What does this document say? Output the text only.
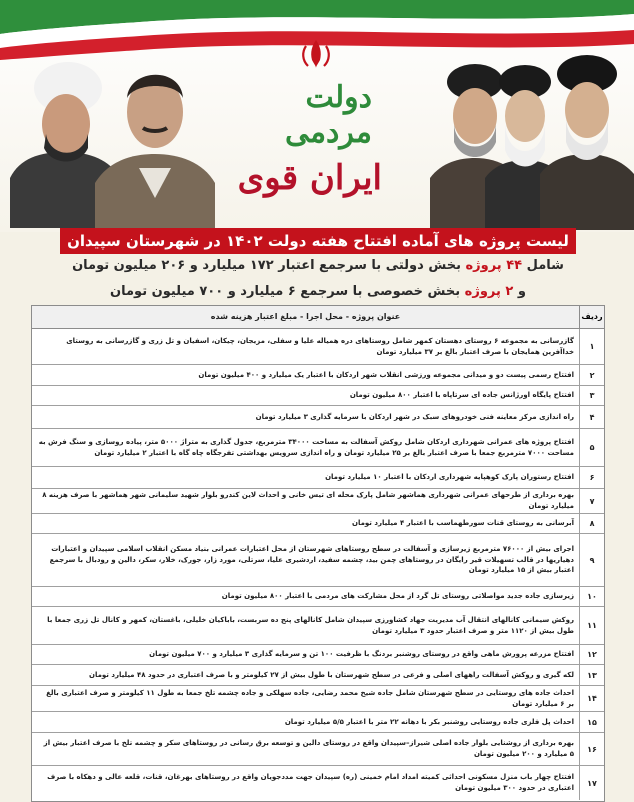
دولت مردمی
ایران قوی
لیست پروژه های آماده افتتاح هفته دولت ۱۴۰۲ در شهرستان سپیدان
شامل ۴۴ پروژه بخش دولتی با سرجمع اعتبار ۱۷۲ میلیارد و ۲۰۶ میلیون تومان
و ۲ پروژه بخش خصوصی با سرجمع ۶ میلیارد و ۷۰۰ میلیون تومان
ردیف
عنوان پروژه - محل اجرا - مبلغ اعتبار هزینه شده
۱
گازرسانی به مجموعه ۶ روستای دهستان کمهر شامل روستاهای دره همیاله علیا و سفلی، مزیجان، چیکان، اسفیان و تل زری و گازرسانی به روستای خداآفرین همایجان با صرف اعتبار بالغ بر ۳۷ میلیارد تومان
۲
افتتاح رسمی پیست دو و میدانی مجموعه ورزشی انقلاب شهر اردکان با اعتبار یک میلیارد و ۴۰۰ میلیون تومان
۳
افتتاح پایگاه اورژانس جاده ای سرتاپاه با اعتبار ۸۰۰ میلیون تومان
۴
راه اندازی مرکز معاینه فنی خودروهای سبک در شهر اردکان با سرمایه گذاری ۳ میلیارد تومان
۵
افتتاح پروژه های عمرانی شهرداری اردکان شامل روکش آسفالت به مساحت ۳۴۰۰۰ مترمربع، جدول گذاری به متراژ ۵۰۰۰ متر، پیاده روسازی و سنگ فرش به مساحت ۷۰۰۰ مترمربع جمعا با صرف اعتبار بالغ بر ۲۵ میلیارد تومان و راه اندازی سرویس بهداشتی تفرجگاه چاه گاه با اعتبار ۲ میلیارد تومان
۶
افتتاح رستوران پارک کوهپایه شهرداری اردکان با اعتبار ۱۰ میلیارد تومان
۷
بهره برداری از طرحهای عمرانی شهرداری هماشهر شامل پارک محله ای تیس خانی و احداث لاین کندرو بلوار شهید سلیمانی شهر هماشهر با صرف هزینه ۸ میلیارد تومان
۸
آبرسانی به روستای قنات سورطهماسب با اعتبار ۴ میلیارد تومان
۹
اجرای بیش از ۷۶۰۰۰ مترمربع زیرسازی و آسفالت در سطح روستاهای شهرستان از محل اعتبارات عمرانی بنیاد مسکن انقلاب اسلامی سپیدان و اعتبارات دهیاریها در قالب تسهیلات قیر رایگان در روستاهای چمن بید، چشمه سفید، اردشیری علیا، سرتلی، مورد زار، جورک، خلار، سکر، دالین و رودبال با سرجمع اعتبار بیش از ۱۵ میلیارد تومان
۱۰
زیرسازی جاده جدید مواصلاتی روستای تل گرد از محل مشارکت های مردمی با اعتبار ۸۰۰ میلیون تومان
۱۱
روکش سیمانی کانالهای انتقال آب مدیریت جهاد کشاورزی سپیدان شامل کانالهای پنج ده سربست، باباکیان خلیلی، باغستان، کمهر و کانال تل زری جمعا با طول بیش از ۱۱۲۰ متر و صرف اعتبار حدود ۳ میلیارد تومان
۱۲
افتتاح مزرعه پرورش ماهی واقع در روستای روشنبر بردنگ با ظرفیت ۱۰۰ تن و سرمایه گذاری ۳ میلیارد و ۷۰۰ میلیون تومان
۱۳
لکه گیری و روکش آسفالت راههای اصلی و فرعی در سطح شهرستان با طول بیش از ۲۷ کیلومتر و با صرف اعتباری در حدود ۴۸ میلیارد تومان
۱۴
احداث جاده های روستایی در سطح شهرستان شامل جاده شیخ محمد رضایی، جاده سهلکی و جاده چشمه تلخ جمعا به طول ۱۱ کیلومتر و صرف اعتباری بالغ بر ۶ میلیارد تومان
۱۵
احداث پل فلزی جاده روستایی روشنبر بکر با دهانه ۲۲ متر با اعتبار ۵/۵ میلیارد تومان
۱۶
بهره برداری از روشنایی بلوار جاده اصلی شیراز–سپیدان واقع در روستای دالین و توسعه برق رسانی در روستاهای سکر و چشمه تلخ با صرف اعتبار بیش از ۵ میلیارد و ۲۰۰ میلیون تومان
۱۷
افتتاح چهار باب منزل مسکونی احداثی کمیته امداد امام خمینی (ره) سپیدان جهت مددجویان واقع در روستاهای بهرغان، قنات، قلعه عالی و دهکاه با صرف اعتباری در حدود ۳۰۰ میلیون تومان
